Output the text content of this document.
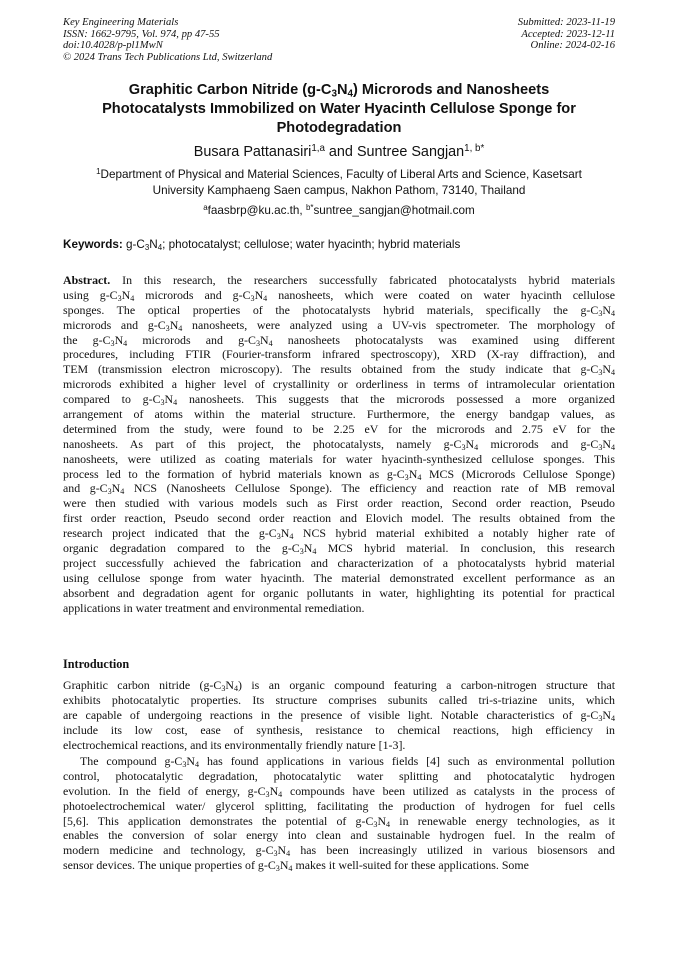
Key Engineering Materials
ISSN: 1662-9795, Vol. 974, pp 47-55
doi:10.4028/p-pl1MwN
© 2024 Trans Tech Publications Ltd, Switzerland
Submitted: 2023-11-19
Accepted: 2023-12-11
Online: 2024-02-16
Graphitic Carbon Nitride $(g-C_3N_4)$ Microrods and Nanosheets
Photocatalysts Immobilized on Water Hyacinth Cellulose Sponge for
Photodegradation
Busara Pattanasiri$^{1,a}$ and Suntree Sangjan$^{1, b*}$
$^1$Department of Physical and Material Sciences, Faculty of Liberal Arts and Science, Kasetsart
University Kamphaeng Saen campus, Nakhon Pathom, 73140, Thailand
$^a$faasbrp@ku.ac.th, $^{b*}$suntree_sangjan@hotmail.com
Keywords: $g-C_3N_4$; photocatalyst; cellulose; water hyacinth; hybrid materials
Abstract. In this research, the researchers successfully fabricated photocatalysts hybrid materials
using $g-C_3N_4$ microrods and $g-C_3N_4$ nanosheets, which were coated on water hyacinth cellulose
sponges. The optical properties of the photocatalysts hybrid materials, specifically the $g-C_3N_4$
microrods and $g-C_3N_4$ nanosheets, were analyzed using a UV-vis spectrometer. The morphology of
the $g-C_3N_4$ microrods and $g-C_3N_4$ nanosheets photocatalysts was examined using different
procedures, including FTIR (Fourier-transform infrared spectroscopy), XRD (X-ray diffraction), and
TEM (transmission electron microscopy). The results obtained from the study indicate that $g-C_3N_4$
microrods exhibited a higher level of crystallinity or orderliness in terms of intramolecular orientation
compared to $g-C_3N_4$ nanosheets. This suggests that the microrods possessed a more organized
arrangement of atoms within the material structure. Furthermore, the energy bandgap values, as
determined from the study, were found to be 2.25 eV for the microrods and 2.75 eV for the
nanosheets. As part of this project, the photocatalysts, namely $g-C_3N_4$ microrods and $g-C_3N_4$
nanosheets, were utilized as coating materials for water hyacinth-synthesized cellulose sponges. This
process led to the formation of hybrid materials known as $g-C_3N_4$ MCS (Microrods Cellulose Sponge)
and $g-C_3N_4$ NCS (Nanosheets Cellulose Sponge). The efficiency and reaction rate of MB removal
were then studied with various models such as First order reaction, Second order reaction, Pseudo
first order reaction, Pseudo second order reaction and Elovich model. The results obtained from the
research project indicated that the $g-C_3N_4$ NCS hybrid material exhibited a notably higher rate of
organic degradation compared to the $g-C_3N_4$ MCS hybrid material. In conclusion, this research
project successfully achieved the fabrication and characterization of a photocatalysts hybrid material
using cellulose sponge from water hyacinth. The material demonstrated excellent performance as an
absorbent and degradation agent for organic pollutants in water, highlighting its potential for practical
applications in water treatment and environmental remediation.
Introduction
Graphitic carbon nitride $(g-C_3N_4)$ is an organic compound featuring a carbon-nitrogen structure that
exhibits photocatalytic properties. Its structure comprises subunits called tri-s-triazine units, which
are capable of undergoing reactions in the presence of visible light. Notable characteristics of $g-C_3N_4$
include its low cost, ease of synthesis, resistance to chemical reactions, high efficiency in
electrochemical reactions, and its environmentally friendly nature [1-3].
The compound $g-C_3N_4$ has found applications in various fields [4] such as environmental pollution
control, photocatalytic degradation, photocatalytic water splitting and photocatalytic hydrogen
evolution. In the field of energy, $g-C_3N_4$ compounds have been utilized as catalysts in the process of
photoelectrochemical water/ glycerol splitting, facilitating the production of hydrogen for fuel cells
[5,6]. This application demonstrates the potential of $g-C_3N_4$ in renewable energy technologies, as it
enables the conversion of solar energy into clean and sustainable hydrogen fuel. In the realm of
modern medicine and technology, $g-C_3N_4$ has been increasingly utilized in various biosensors and
sensor devices. The unique properties of $g-C_3N_4$ makes it well-suited for these applications. Some
